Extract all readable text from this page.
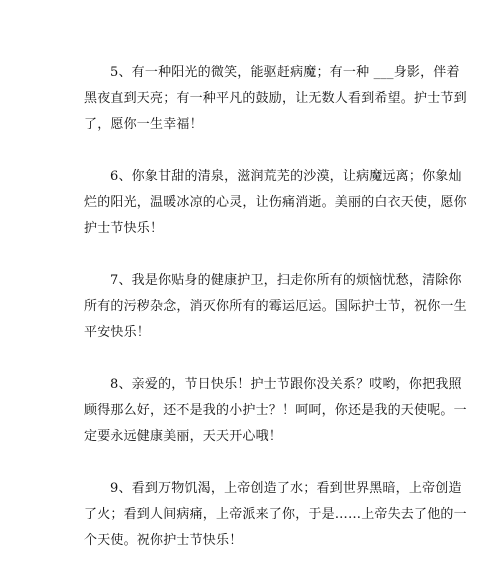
5、有一种阳光的微笑，能驱赶病魔；有一种 ___身影，伴着
黑夜直到天亮；有一种平凡的鼓励，让无数人看到希望。护士节到
了，愿你一生幸福！
6、你象甘甜的清泉，滋润荒芜的沙漠，让病魔远离；你象灿
烂的阳光，温暖冰凉的心灵，让伤痛消逝。美丽的白衣天使，愿你
护士节快乐！
7、我是你贴身的健康护卫，扫走你所有的烦恼忧愁，清除你
所有的污秽杂念，消灭你所有的霉运厄运。国际护士节，祝你一生
平安快乐！
8、亲爱的，节日快乐！护士节跟你没关系？哎哟，你把我照
顾得那么好，还不是我的小护士？！呵呵，你还是我的天使呢。一
定要永远健康美丽，天天开心哦！
9、看到万物饥渴，上帝创造了水；看到世界黑暗，上帝创造
了火；看到人间病痛，上帝派来了你，于是……上帝失去了他的一
个天使。祝你护士节快乐！
